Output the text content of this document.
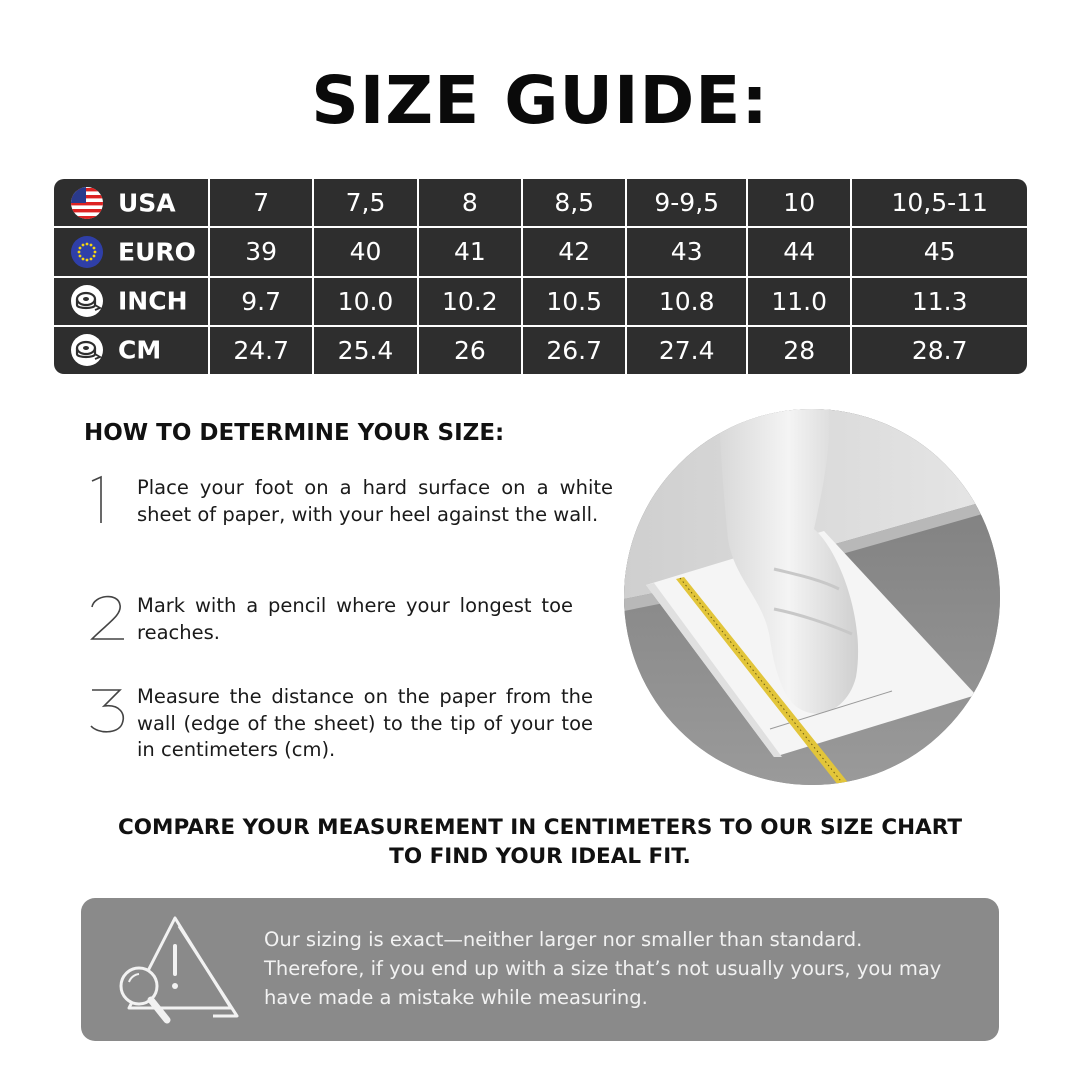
SIZE GUIDE:
USA	7	7,5	8	8,5	9-9,5	10	10,5-11
EURO	39	40	41	42	43	44	45
INCH	9.7	10.0	10.2	10.5	10.8	11.0	11.3
CM	24.7	25.4	26	26.7	27.4	28	28.7
HOW TO DETERMINE YOUR SIZE:

Place your foot on a hard surface on a white sheet of paper, with your heel against the wall.

Mark with a pencil where your longest toe reaches.

Measure the distance on the paper from the wall (edge of the sheet) to the tip of your toe in centimeters (cm).

COMPARE YOUR MEASUREMENT IN CENTIMETERS TO OUR SIZE CHART
TO FIND YOUR IDEAL FIT.

Our sizing is exact—neither larger nor smaller than standard. Therefore, if you end up with a size that’s not usually yours, you may have made a mistake while measuring.
